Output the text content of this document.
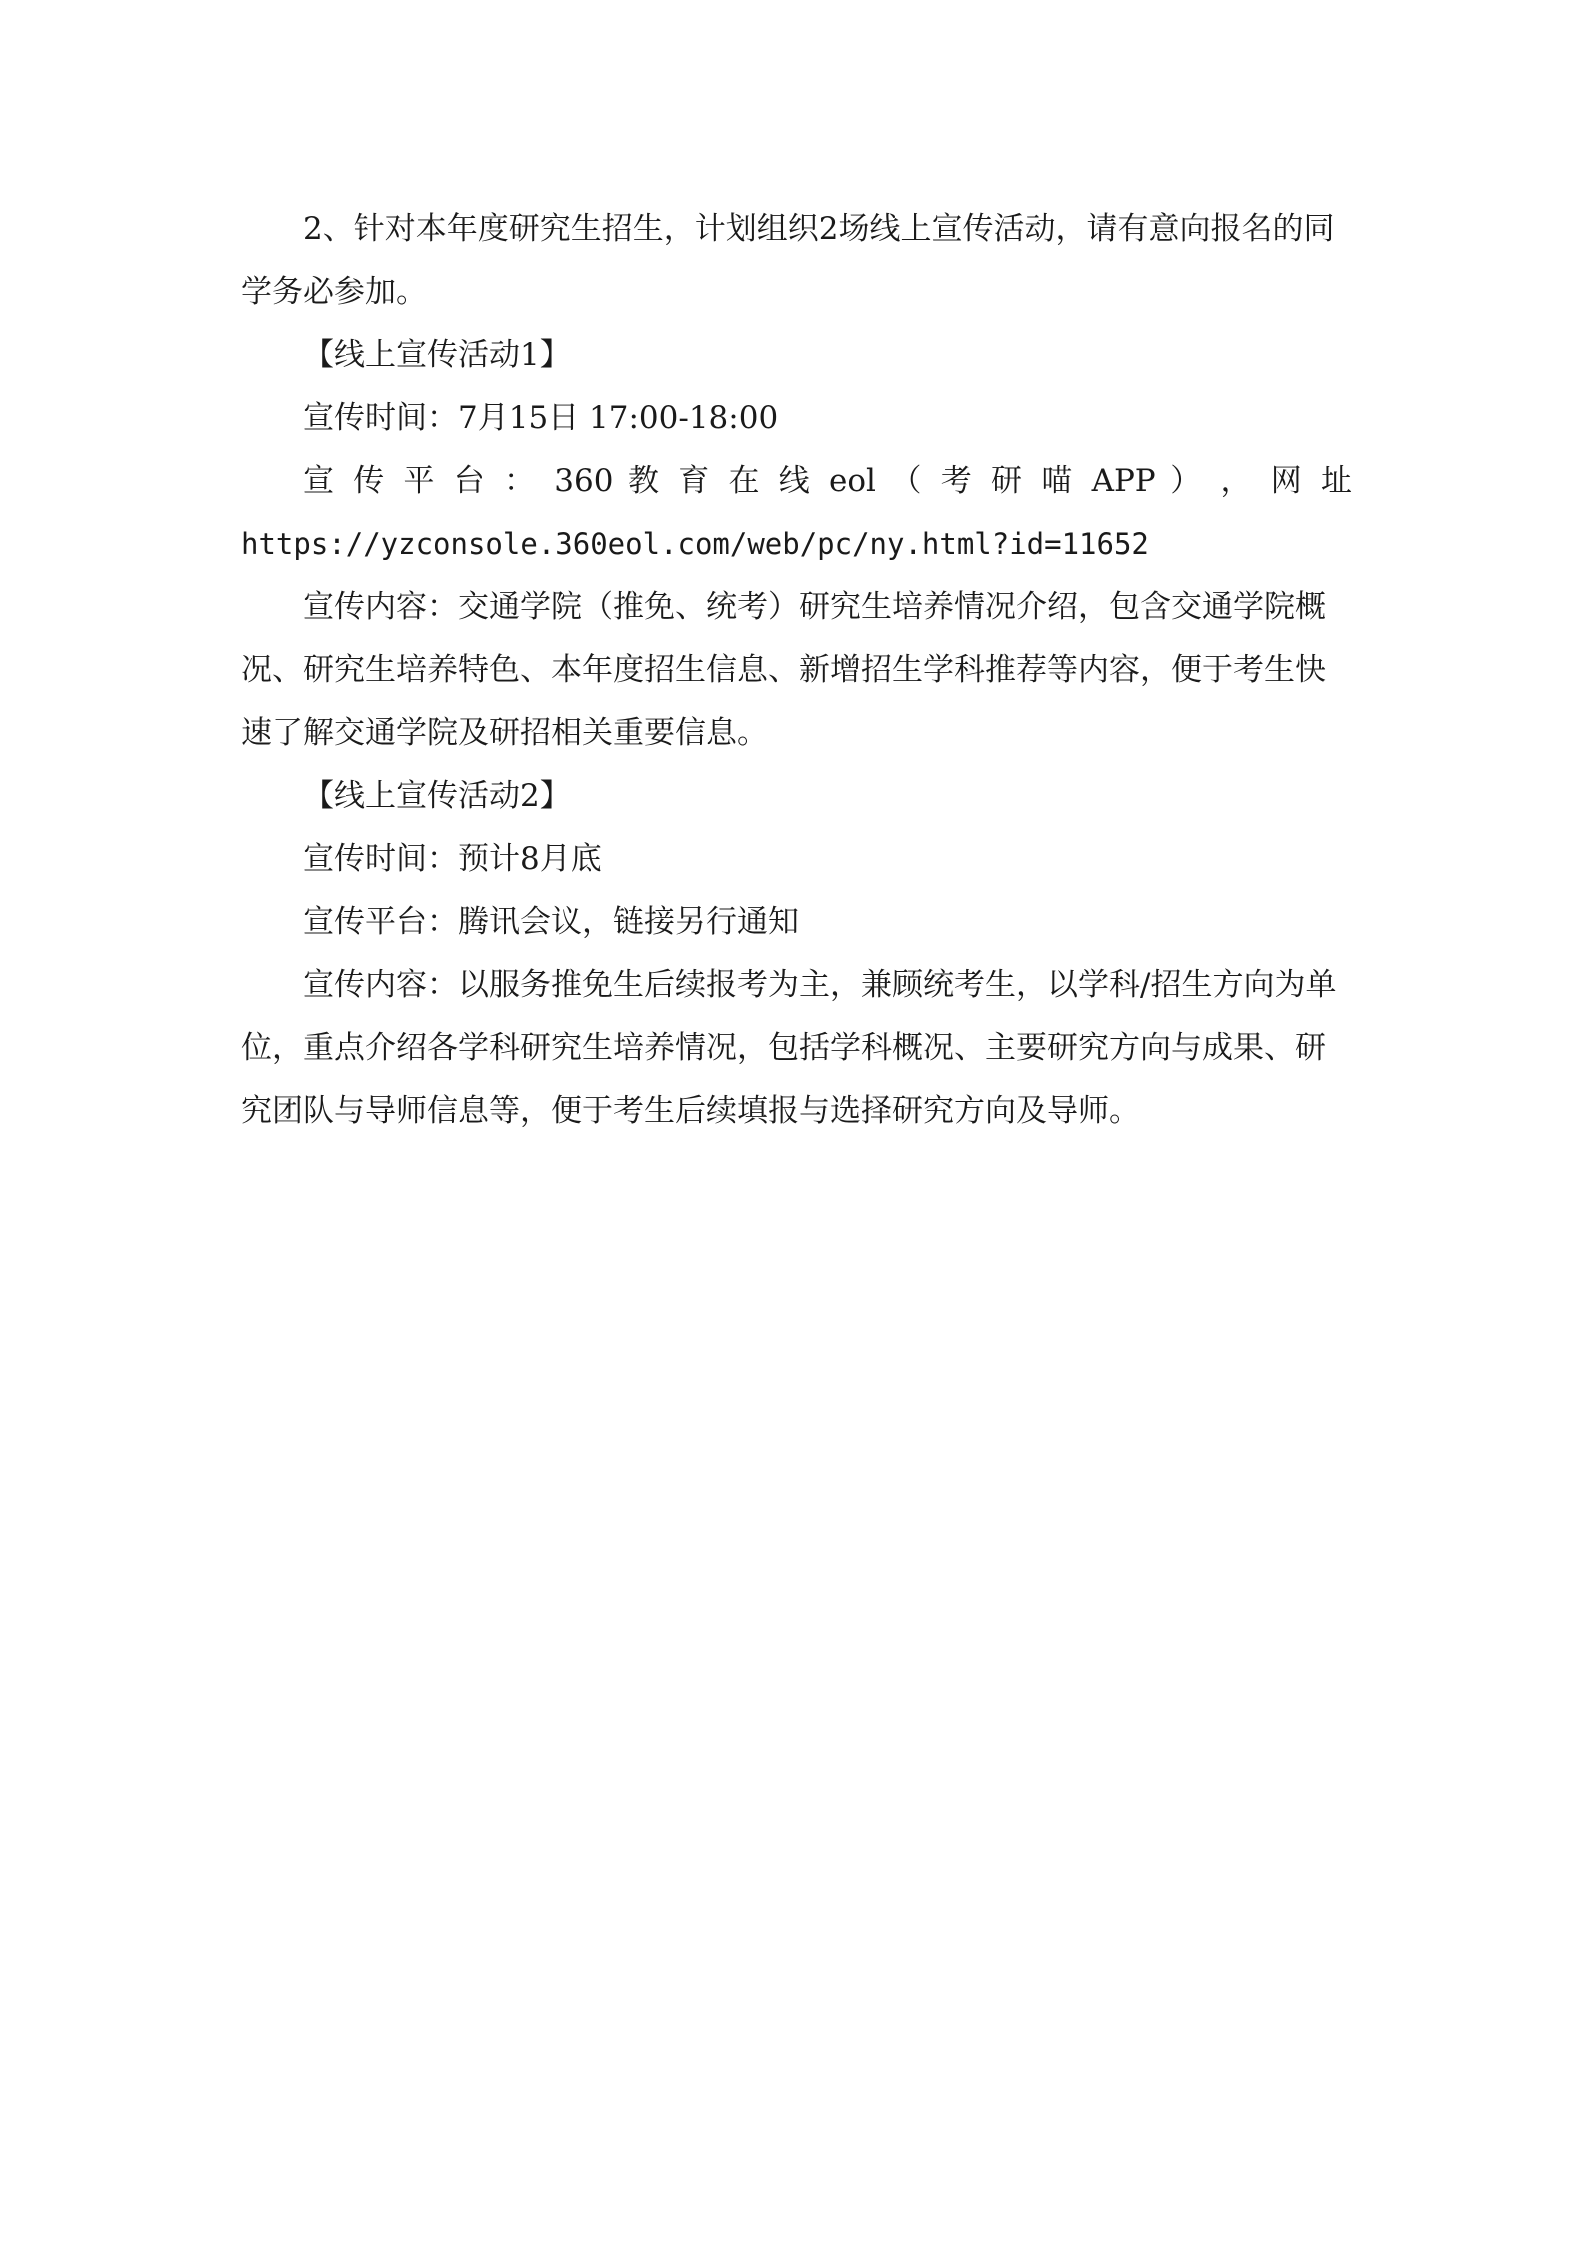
2、针对本年度研究生招生，计划组织2场线上宣传活动，请有意向报名的同学务必参加。

【线上宣传活动1】

宣传时间：7月15日 17:00-18:00

宣 传 平 台 ： 360 教 育 在 线 eol （ 考 研 喵 APP ） ， 网 址

https://yzconsole.360eol.com/web/pc/ny.html?id=11652

宣传内容：交通学院（推免、统考）研究生培养情况介绍，包含交通学院概况、研究生培养特色、本年度招生信息、新增招生学科推荐等内容，便于考生快速了解交通学院及研招相关重要信息。

【线上宣传活动2】

宣传时间：预计8月底

宣传平台：腾讯会议，链接另行通知

宣传内容：以服务推免生后续报考为主，兼顾统考生，以学科/招生方向为单位，重点介绍各学科研究生培养情况，包括学科概况、主要研究方向与成果、研究团队与导师信息等，便于考生后续填报与选择研究方向及导师。
